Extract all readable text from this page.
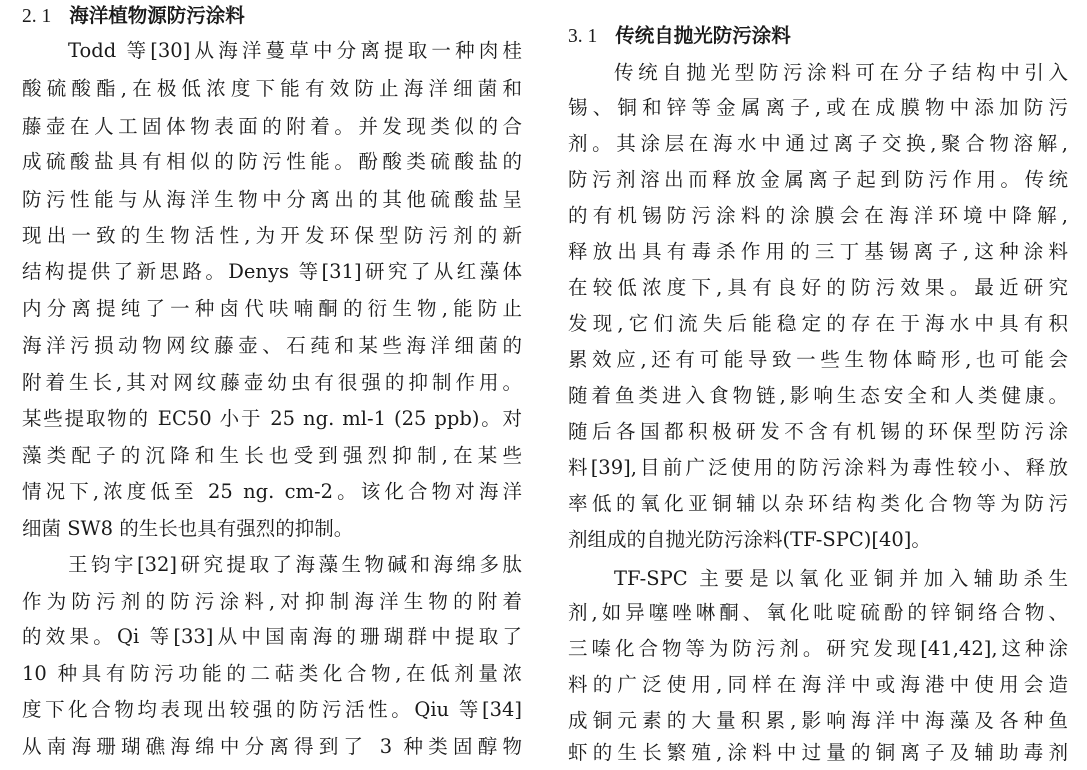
2. 1 海洋植物源防污涂料
Todd 等[30]从海洋蔓草中分离提取一种肉桂
酸硫酸酯,在极低浓度下能有效防止海洋细菌和
藤壶在人工固体物表面的附着。并发现类似的合
成硫酸盐具有相似的防污性能。酚酸类硫酸盐的
防污性能与从海洋生物中分离出的其他硫酸盐呈
现出一致的生物活性,为开发环保型防污剂的新
结构提供了新思路。Denys 等[31]研究了从红藻体
内分离提纯了一种卤代呋喃酮的衍生物,能防止
海洋污损动物网纹藤壶、石莼和某些海洋细菌的
附着生长,其对网纹藤壶幼虫有很强的抑制作用。
某些提取物的 EC50 小于 25 ng. ml-1 (25 ppb)。对
藻类配子的沉降和生长也受到强烈抑制,在某些
情况下,浓度低至 25 ng. cm-2。该化合物对海洋
细菌 SW8 的生长也具有强烈的抑制。
王钧宇[32]研究提取了海藻生物碱和海绵多肽
作为防污剂的防污涂料,对抑制海洋生物的附着
的效果。Qi 等[33]从中国南海的珊瑚群中提取了
10 种具有防污功能的二萜类化合物,在低剂量浓
度下化合物均表现出较强的防污活性。Qiu 等[34]
从南海珊瑚礁海绵中分离得到了 3 种类固醇物
3. 1 传统自抛光防污涂料
传统自抛光型防污涂料可在分子结构中引入
锡、铜和锌等金属离子,或在成膜物中添加防污
剂。其涂层在海水中通过离子交换,聚合物溶解,
防污剂溶出而释放金属离子起到防污作用。传统
的有机锡防污涂料的涂膜会在海洋环境中降解,
释放出具有毒杀作用的三丁基锡离子,这种涂料
在较低浓度下,具有良好的防污效果。最近研究
发现,它们流失后能稳定的存在于海水中具有积
累效应,还有可能导致一些生物体畸形,也可能会
随着鱼类进入食物链,影响生态安全和人类健康。
随后各国都积极研发不含有机锡的环保型防污涂
料[39],目前广泛使用的防污涂料为毒性较小、释放
率低的氧化亚铜辅以杂环结构类化合物等为防污
剂组成的自抛光防污涂料(TF-SPC)[40]。
TF-SPC 主要是以氧化亚铜并加入辅助杀生
剂,如异噻唑啉酮、氧化吡啶硫酚的锌铜络合物、
三嗪化合物等为防污剂。研究发现[41,42],这种涂
料的广泛使用,同样在海洋中或海港中使用会造
成铜元素的大量积累,影响海洋中海藻及各种鱼
虾的生长繁殖,涂料中过量的铜离子及辅助毒剂
